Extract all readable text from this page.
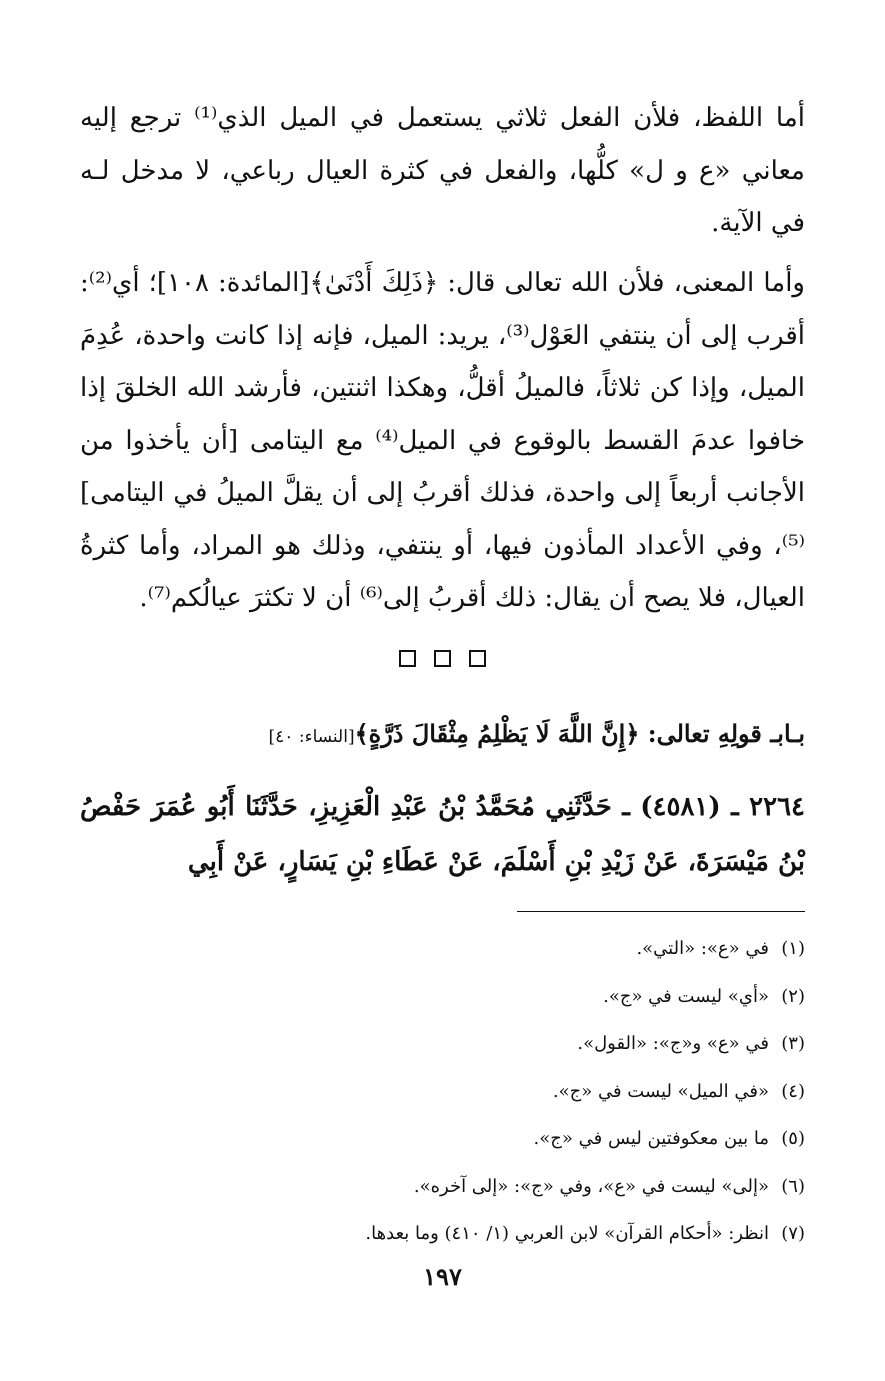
أما اللفظ، فلأن الفعل ثلاثي يستعمل في الميل الذي⁽¹⁾ ترجع إليه معاني «ع و ل» كلُّها، والفعل في كثرة العيال رباعي، لا مدخل لـه في الآية.

وأما المعنى، فلأن الله تعالى قال: ﴿ذَلِكَ أَدْنَىٰ﴾[المائدة: ١٠٨]؛ أي⁽²⁾: أقرب إلى أن ينتفي العَوْل⁽³⁾، يريد: الميل، فإنه إذا كانت واحدة، عُدِمَ الميل، وإذا كن ثلاثاً، فالميلُ أقلُّ، وهكذا اثنتين، فأرشد الله الخلقَ إذا خافوا عدمَ القسط بالوقوع في الميل⁽⁴⁾ مع اليتامى [أن يأخذوا من الأجانب أربعاً إلى واحدة، فذلك أقربُ إلى أن يقلَّ الميلُ في اليتامى]⁽⁵⁾، وفي الأعداد المأذون فيها، أو ينتفي، وذلك هو المراد، وأما كثرةُ العيال، فلا يصح أن يقال: ذلك أقربُ إلى⁽⁶⁾ أن لا تكثرَ عيالُكم⁽⁷⁾.

بـابـ قولِهِ تعالى: ﴿إِنَّ اللَّهَ لَا يَظْلِمُ مِثْقَالَ ذَرَّةٍ﴾[النساء: ٤٠]

٢٢٦٤ ـ (٤٥٨١) ـ حَدَّثَنِي مُحَمَّدُ بْنُ عَبْدِ الْعَزِيزِ، حَدَّثَنَا أَبُو عُمَرَ حَفْصُ بْنُ مَيْسَرَةَ، عَنْ زَيْدِ بْنِ أَسْلَمَ، عَنْ عَطَاءِ بْنِ يَسَارٍ، عَنْ أَبِي

(١)في «ع»: «التي».
(٢)«أي» ليست في «ج».
(٣)في «ع» و«ج»: «القول».
(٤)«في الميل» ليست في «ج».
(٥)ما بين معكوفتين ليس في «ج».
(٦)«إلى» ليست في «ع»، وفي «ج»: «إلى آخره».
(٧)انظر: «أحكام القرآن» لابن العربي (١/ ٤١٠) وما بعدها.
١٩٧
